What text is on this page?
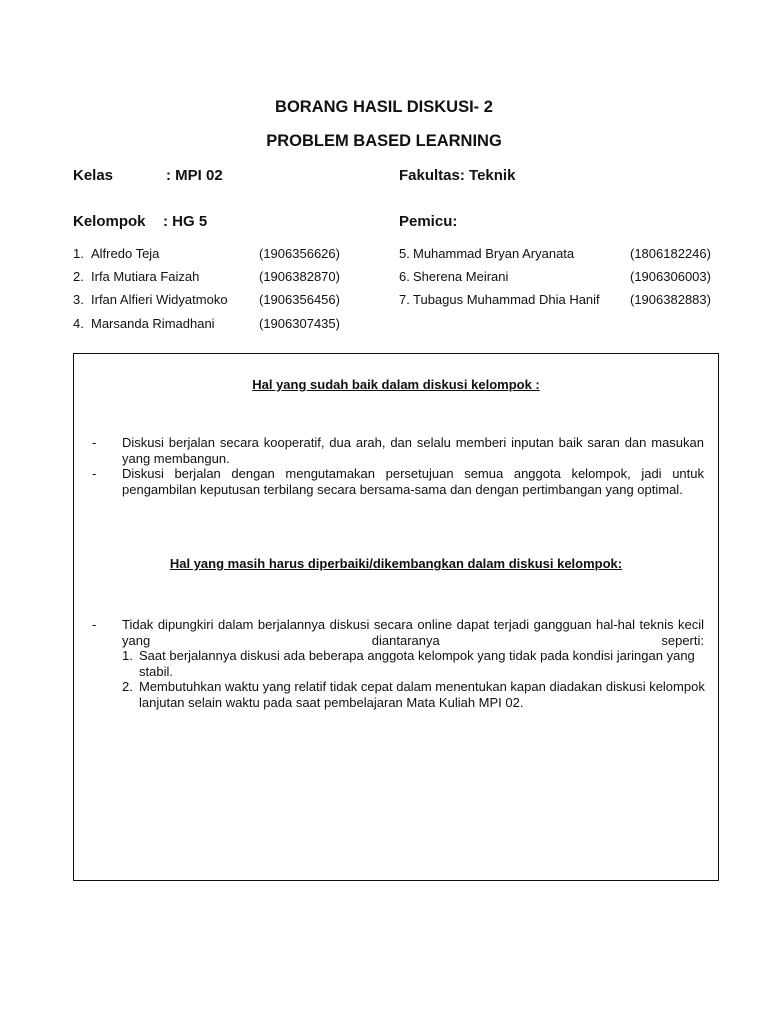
BORANG HASIL DISKUSI- 2
PROBLEM BASED LEARNING
Kelas	: MPI 02	Fakultas: Teknik
Kelompok : HG 5	Pemicu:
1. Alfredo Teja	(1906356626)
2. Irfa Mutiara Faizah	(1906382870)
3. Irfan Alfieri Widyatmoko (1906356456)
4. Marsanda Rimadhani	(1906307435)
5. Muhammad Bryan Aryanata	(1806182246)
6. Sherena Meirani	(1906306003)
7. Tubagus Muhammad Dhia Hanif (1906382883)
Hal yang sudah baik dalam diskusi kelompok :
- Diskusi berjalan secara kooperatif, dua arah, dan selalu memberi inputan baik saran dan masukan yang membangun.
- Diskusi berjalan dengan mengutamakan persetujuan semua anggota kelompok, jadi untuk pengambilan keputusan terbilang secara bersama-sama dan dengan pertimbangan yang optimal.
Hal yang masih harus diperbaiki/dikembangkan dalam diskusi kelompok:
- Tidak dipungkiri dalam berjalannya diskusi secara online dapat terjadi gangguan hal-hal teknis kecil yang diantaranya seperti:
1. Saat berjalannya diskusi ada beberapa anggota kelompok yang tidak pada kondisi jaringan yang stabil.
2. Membutuhkan waktu yang relatif tidak cepat dalam menentukan kapan diadakan diskusi kelompok lanjutan selain waktu pada saat pembelajaran Mata Kuliah MPI 02.
